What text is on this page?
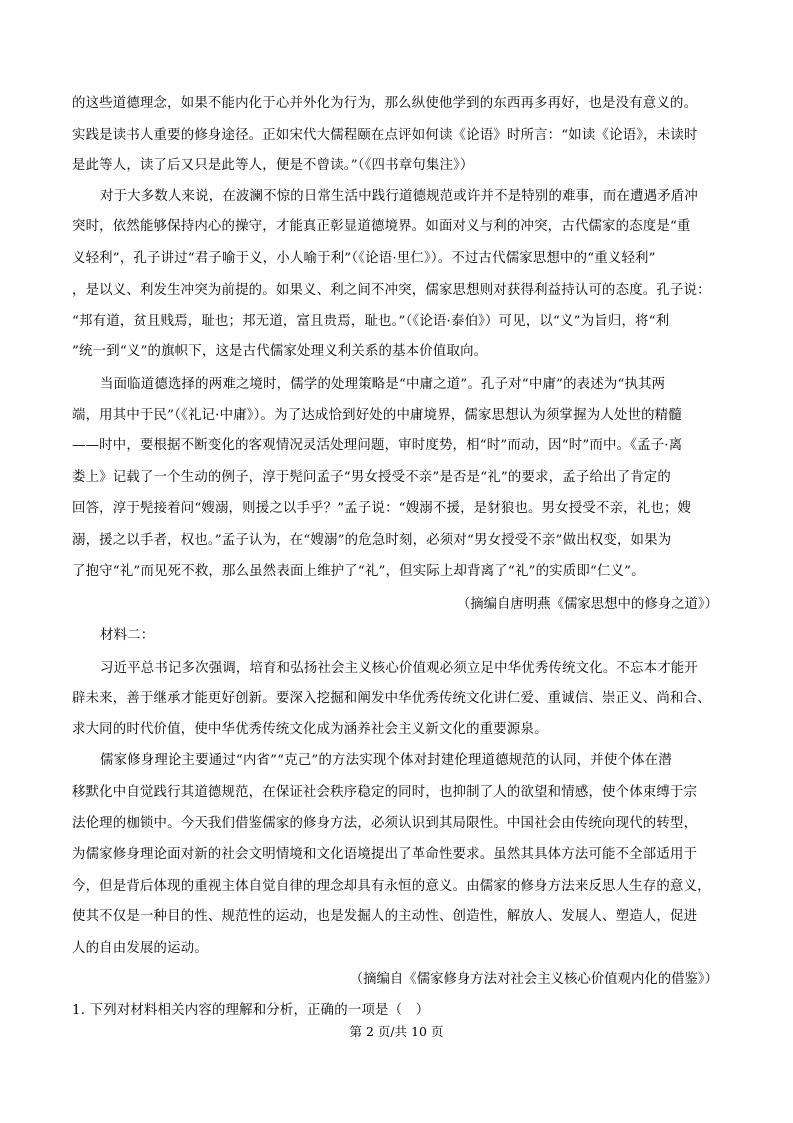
的这些道德理念，如果不能内化于心并外化为行为，那么纵使他学到的东西再多再好，也是没有意义的。
实践是读书人重要的修身途径。正如宋代大儒程颐在点评如何读《论语》时所言：“如读《论语》，未读时
是此等人，读了后又只是此等人，便是不曾读。”（《四书章句集注》）
对于大多数人来说，在波澜不惊的日常生活中践行道德规范或许并不是特别的难事，而在遭遇矛盾冲
突时，依然能够保持内心的操守，才能真正彰显道德境界。如面对义与利的冲突，古代儒家的态度是“重
义轻利”，孔子讲过“君子喻于义，小人喻于利”（《论语·里仁》）。不过古代儒家思想中的“重义轻利”
，是以义、利发生冲突为前提的。如果义、利之间不冲突，儒家思想则对获得利益持认可的态度。孔子说：
“邦有道，贫且贱焉，耻也；邦无道，富且贵焉，耻也。”（《论语·泰伯》）可见，以“义”为旨归，将“利
”统一到“义”的旗帜下，这是古代儒家处理义利关系的基本价值取向。
当面临道德选择的两难之境时，儒学的处理策略是“中庸之道”。孔子对“中庸”的表述为“执其两
端，用其中于民”（《礼记·中庸》）。为了达成恰到好处的中庸境界，儒家思想认为须掌握为人处世的精髓
——时中，要根据不断变化的客观情况灵活处理问题，审时度势，相“时”而动，因“时”而中。《孟子·离
娄上》记载了一个生动的例子，淳于髡问孟子“男女授受不亲”是否是“礼”的要求，孟子给出了肯定的
回答，淳于髡接着问“嫂溺，则援之以手乎？”孟子说：“嫂溺不援，是豺狼也。男女授受不亲，礼也；嫂
溺，援之以手者，权也。”孟子认为，在“嫂溺”的危急时刻，必须对“男女授受不亲”做出权变，如果为
了抱守“礼”而见死不救，那么虽然表面上维护了“礼”，但实际上却背离了“礼”的实质即“仁义”。
（摘编自唐明燕《儒家思想中的修身之道》）
材料二：
习近平总书记多次强调，培育和弘扬社会主义核心价值观必须立足中华优秀传统文化。不忘本才能开
辟未来，善于继承才能更好创新。要深入挖掘和阐发中华优秀传统文化讲仁爱、重诚信、崇正义、尚和合、
求大同的时代价值，使中华优秀传统文化成为涵养社会主义新文化的重要源泉。
儒家修身理论主要通过“内省”“克己”的方法实现个体对封建伦理道德规范的认同，并使个体在潜
移默化中自觉践行其道德规范，在保证社会秩序稳定的同时，也抑制了人的欲望和情感，使个体束缚于宗
法伦理的枷锁中。今天我们借鉴儒家的修身方法，必须认识到其局限性。中国社会由传统向现代的转型，
为儒家修身理论面对新的社会文明情境和文化语境提出了革命性要求。虽然其具体方法可能不全部适用于
今，但是背后体现的重视主体自觉自律的理念却具有永恒的意义。由儒家的修身方法来反思人生存的意义，
使其不仅是一种目的性、规范性的运动，也是发掘人的主动性、创造性，解放人、发展人、塑造人，促进
人的自由发展的运动。
（摘编自《儒家修身方法对社会主义核心价值观内化的借鉴》）
1. 下列对材料相关内容的理解和分析，正确的一项是（　）
第 2 页/共 10 页
